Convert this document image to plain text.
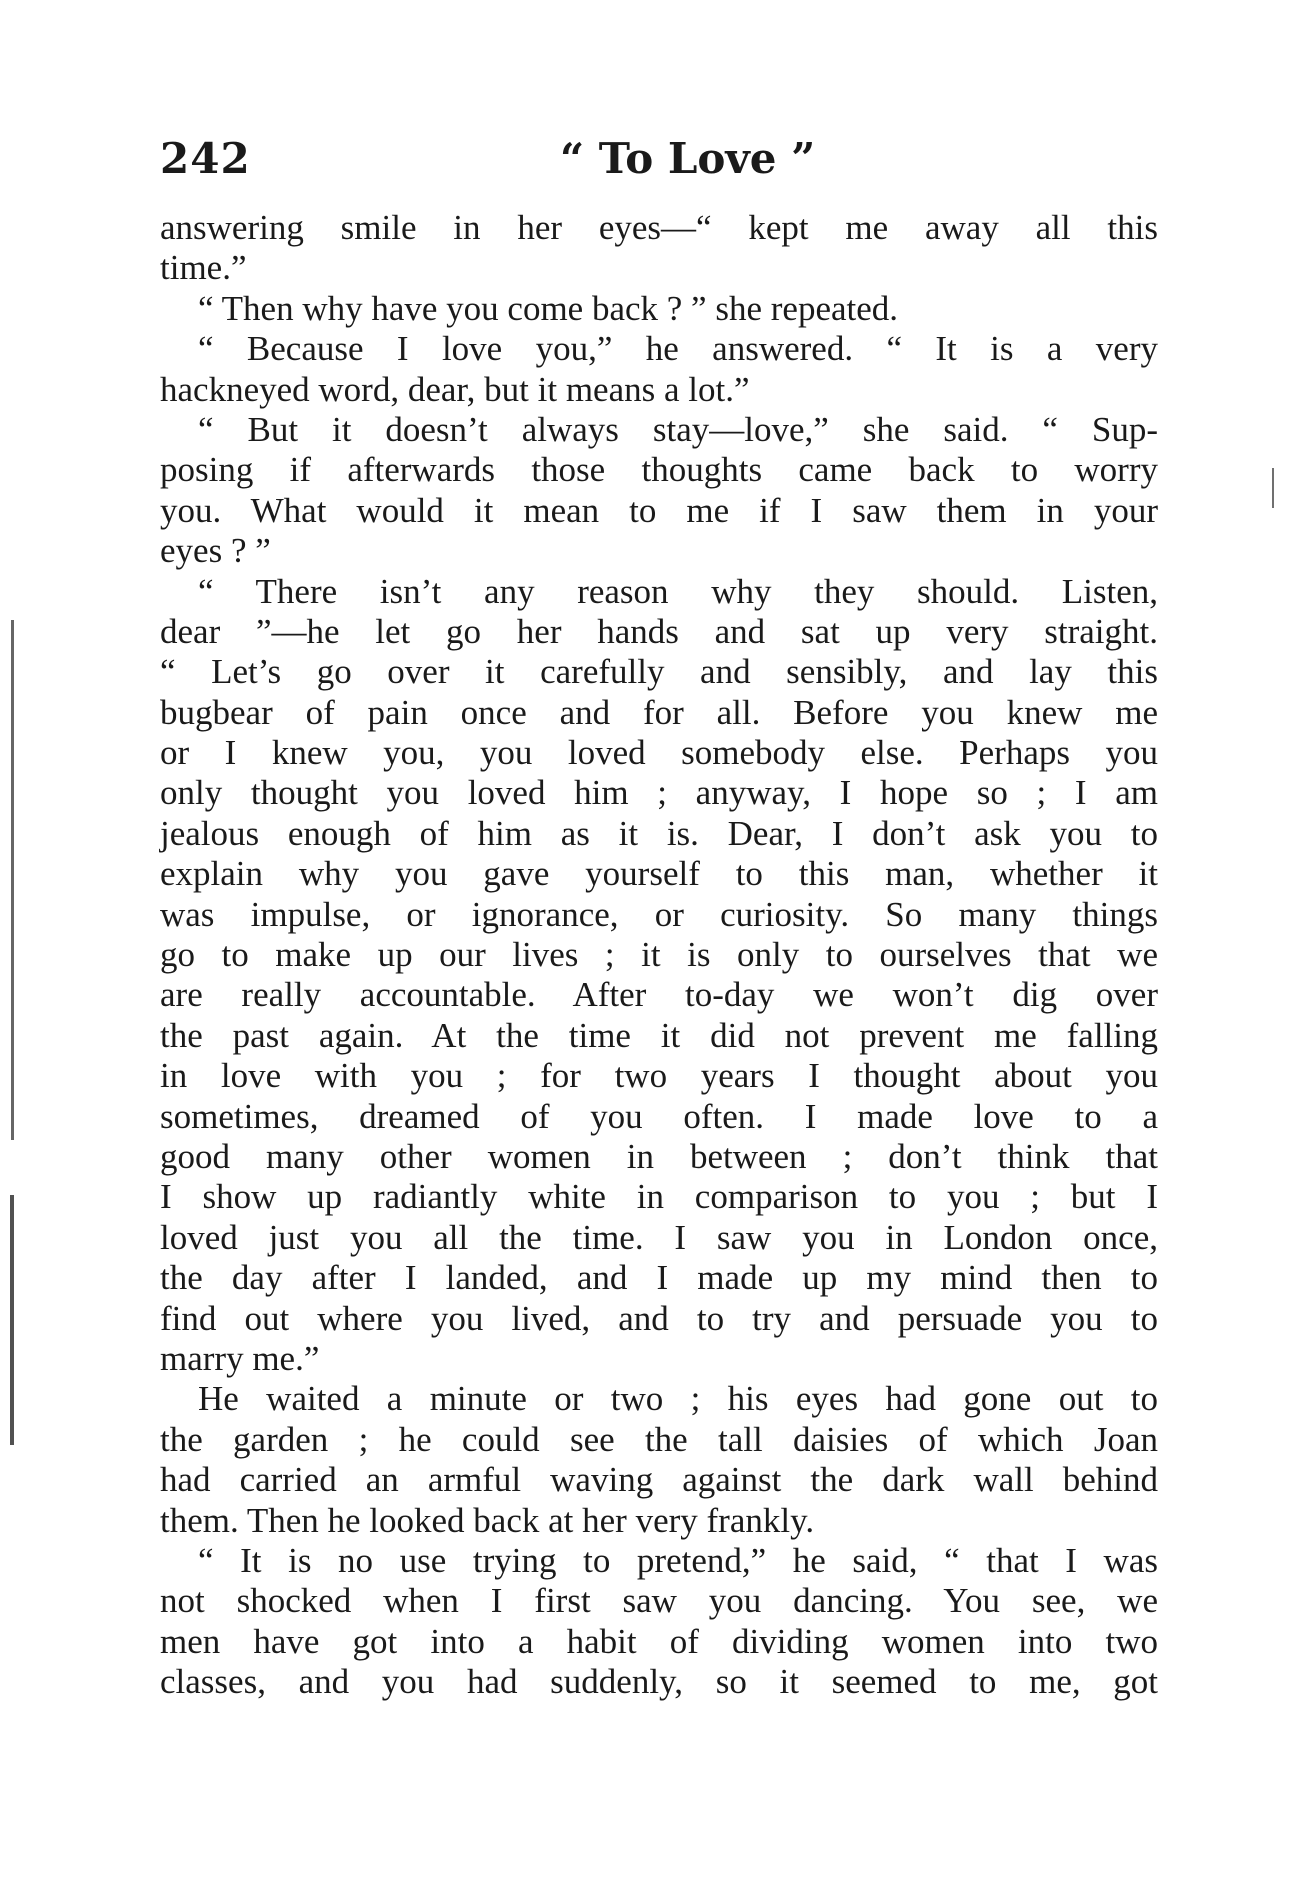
242	“ To Love ”
answering smile in her eyes—“ kept me away all this
time.”
“ Then why have you come back ? ” she repeated.
“ Because I love you,” he answered. “ It is a very
hackneyed word, dear, but it means a lot.”
“ But it doesn’t always stay—love,” she said. “ Sup-
posing if afterwards those thoughts came back to worry
you. What would it mean to me if I saw them in your
eyes ? ”
“ There isn’t any reason why they should. Listen,
dear ”—he let go her hands and sat up very straight.
“ Let’s go over it carefully and sensibly, and lay this
bugbear of pain once and for all. Before you knew me
or I knew you, you loved somebody else. Perhaps you
only thought you loved him ; anyway, I hope so ; I am
jealous enough of him as it is. Dear, I don’t ask you to
explain why you gave yourself to this man, whether it
was impulse, or ignorance, or curiosity. So many things
go to make up our lives ; it is only to ourselves that we
are really accountable. After to-day we won’t dig over
the past again. At the time it did not prevent me falling
in love with you ; for two years I thought about you
sometimes, dreamed of you often. I made love to a
good many other women in between ; don’t think that
I show up radiantly white in comparison to you ; but I
loved just you all the time. I saw you in London once,
the day after I landed, and I made up my mind then to
find out where you lived, and to try and persuade you to
marry me.”
He waited a minute or two ; his eyes had gone out to
the garden ; he could see the tall daisies of which Joan
had carried an armful waving against the dark wall behind
them. Then he looked back at her very frankly.
“ It is no use trying to pretend,” he said, “ that I was
not shocked when I first saw you dancing. You see, we
men have got into a habit of dividing women into two
classes, and you had suddenly, so it seemed to me, got
